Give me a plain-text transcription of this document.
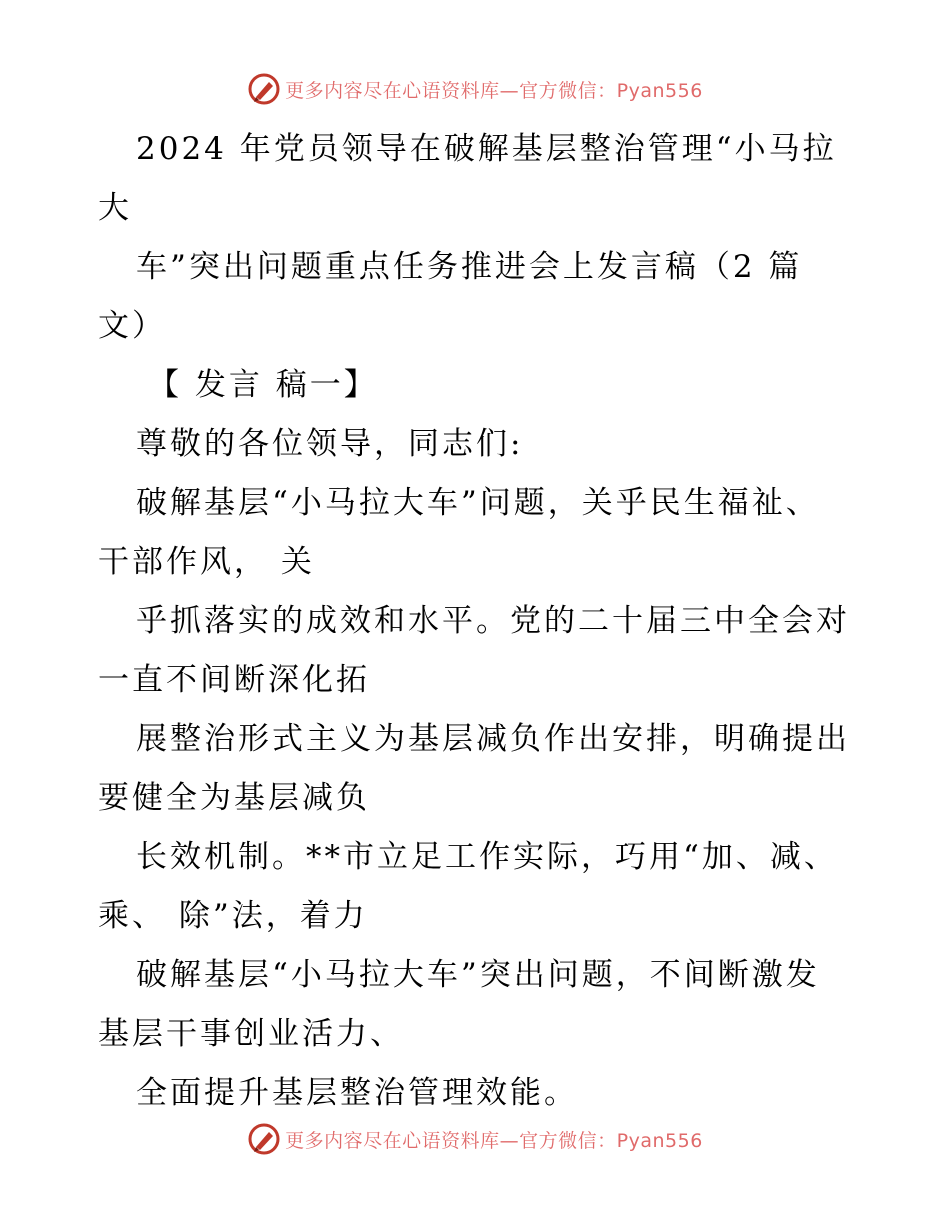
更多内容尽在心语资料库—官方微信：Pyan556
2024 年党员领导在破解基层整治管理“小马拉
大
车”突出问题重点任务推进会上发言稿（2 篇
文）
【 发言 稿一】
尊敬的各位领导，同志们:
破解基层“小马拉大车”问题，关乎民生福祉、
干部作风， 关
乎抓落实的成效和水平。党的二十届三中全会对
一直不间断深化拓
展整治形式主义为基层减负作出安排，明确提出
要健全为基层减负
长效机制。**市立足工作实际，巧用“加、减、
乘、 除”法，着力
破解基层“小马拉大车”突出问题，不间断激发
基层干事创业活力、
全面提升基层整治管理效能。
更多内容尽在心语资料库—官方微信：Pyan556
